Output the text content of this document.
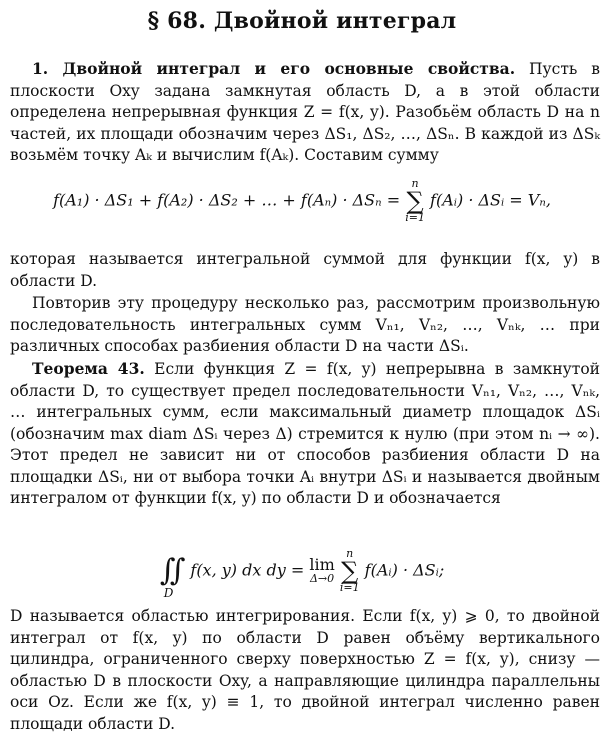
§ 68. Двойной интеграл
1. Двойной интеграл и его основные свойства. Пусть в плоскости Oxy задана замкнутая область D, а в этой области определена непрерывная функция Z = f(x, y). Разобьём область D на n частей, их площади обозначим через ΔS₁, ΔS₂, …, ΔSₙ. В каждой из ΔSₖ возьмём точку Aₖ и вычислим f(Aₖ). Составим сумму
f(A₁) · ΔS₁ + f(A₂) · ΔS₂ + … + f(Aₙ) · ΔSₙ =
n
∑
i=1
f(Aᵢ) · ΔSᵢ = Vₙ,
которая называется интегральной суммой для функции f(x, y) в области D.
Повторив эту процедуру несколько раз, рассмотрим произвольную последовательность интегральных сумм Vₙ₁, Vₙ₂, …, Vₙₖ, … при различных способах разбиения области D на части ΔSᵢ.
Теорема 43. Если функция Z = f(x, y) непрерывна в замкнутой области D, то существует предел последовательности Vₙ₁, Vₙ₂, …, Vₙₖ, … интегральных сумм, если максимальный диаметр площадок ΔSᵢ (обозначим max diam ΔSᵢ через Δ) стремится к нулю (при этом nᵢ → ∞). Этот предел не зависит ни от способов разбиения области D на площадки ΔSᵢ, ни от выбора точки Aᵢ внутри ΔSᵢ и называется двойным интегралом от функции f(x, y) по области D и обозначается
∬
D
f(x, y) dx dy = lim
Δ→0

n
∑
i=1
f(Aᵢ) · ΔSᵢ;
D называется областью интегрирования. Если f(x, y) ⩾ 0, то двойной интеграл от f(x, y) по области D равен объёму вертикального цилиндра, ограниченного сверху поверхностью Z = f(x, y), снизу — областью D в плоскости Oxy, а направляющие цилиндра параллельны оси Oz. Если же f(x, y) ≡ 1, то двойной интеграл численно равен площади области D.
